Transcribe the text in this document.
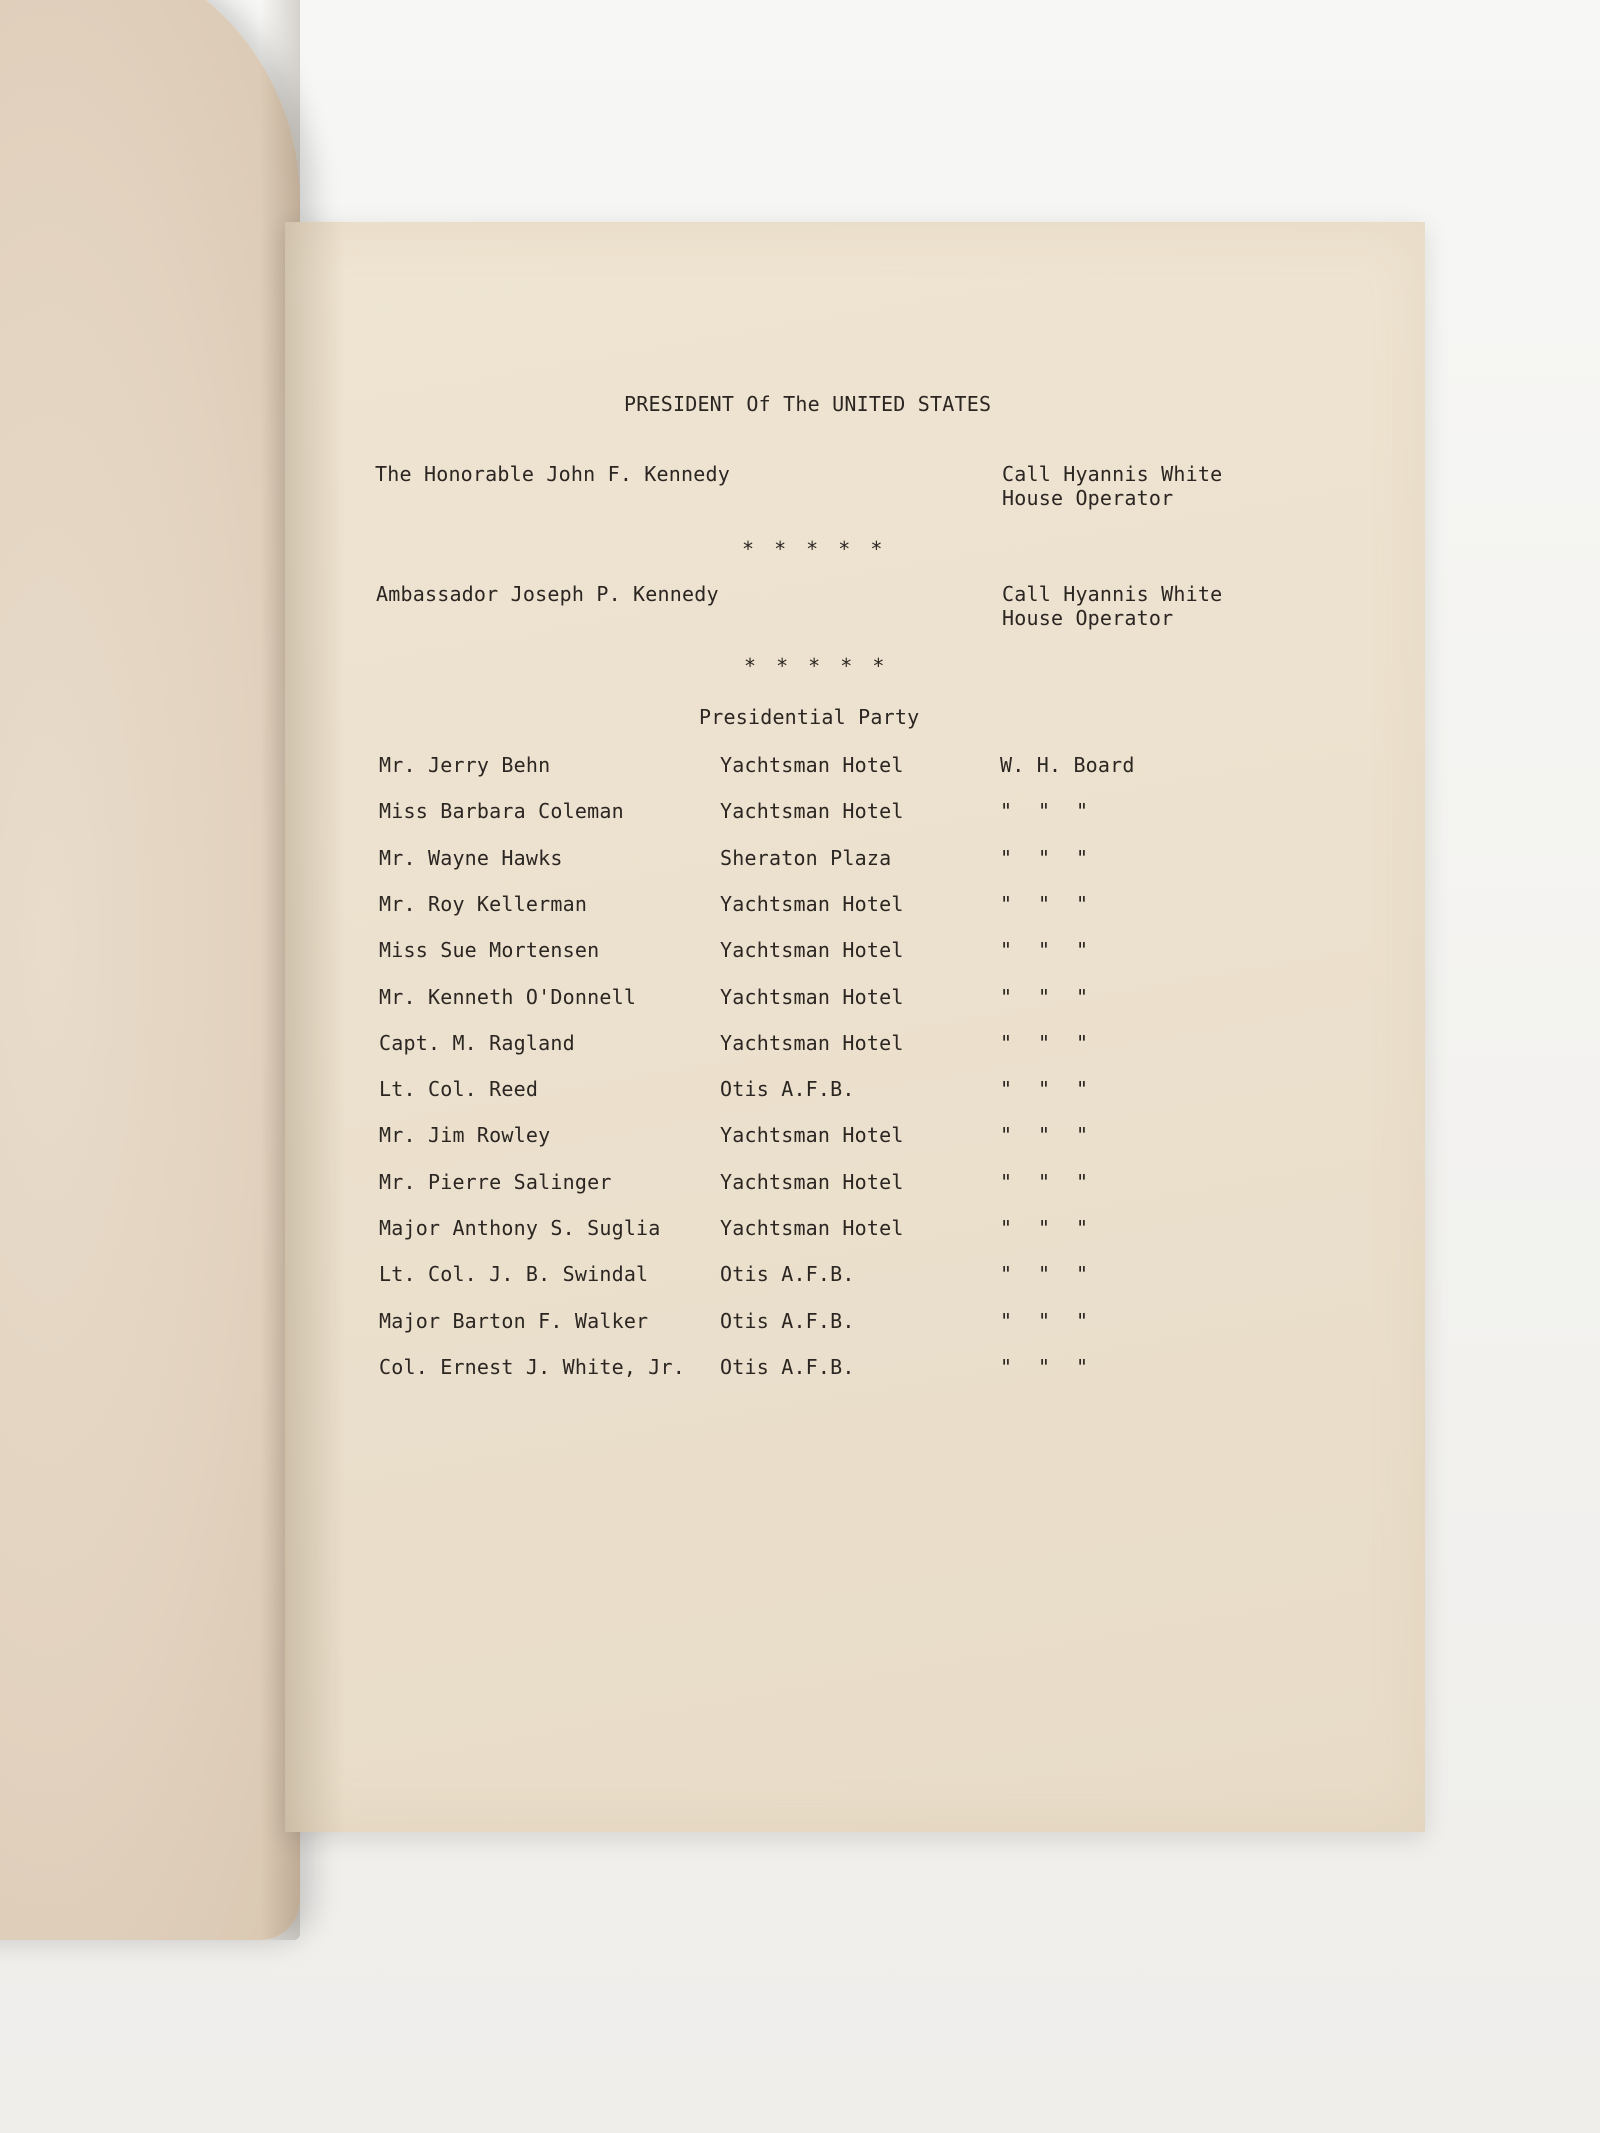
PRESIDENT Of The UNITED STATES
The Honorable John F. Kennedy	Call Hyannis White
House Operator
* * * * *
Ambassador Joseph P. Kennedy	Call Hyannis White
House Operator
* * * * *
Presidential Party
Mr. Jerry Behn	Yachtsman Hotel	W. H. Board
Miss Barbara Coleman	Yachtsman Hotel	" " "
Mr. Wayne Hawks	Sheraton Plaza	" " "
Mr. Roy Kellerman	Yachtsman Hotel	" " "
Miss Sue Mortensen	Yachtsman Hotel	" " "
Mr. Kenneth O'Donnell	Yachtsman Hotel	" " "
Capt. M. Ragland	Yachtsman Hotel	" " "
Lt. Col. Reed	Otis A.F.B.	" " "
Mr. Jim Rowley	Yachtsman Hotel	" " "
Mr. Pierre Salinger	Yachtsman Hotel	" " "
Major Anthony S. Suglia	Yachtsman Hotel	" " "
Lt. Col. J. B. Swindal	Otis A.F.B.	" " "
Major Barton F. Walker	Otis A.F.B.	" " "
Col. Ernest J. White, Jr. Otis A.F.B.	" " "
